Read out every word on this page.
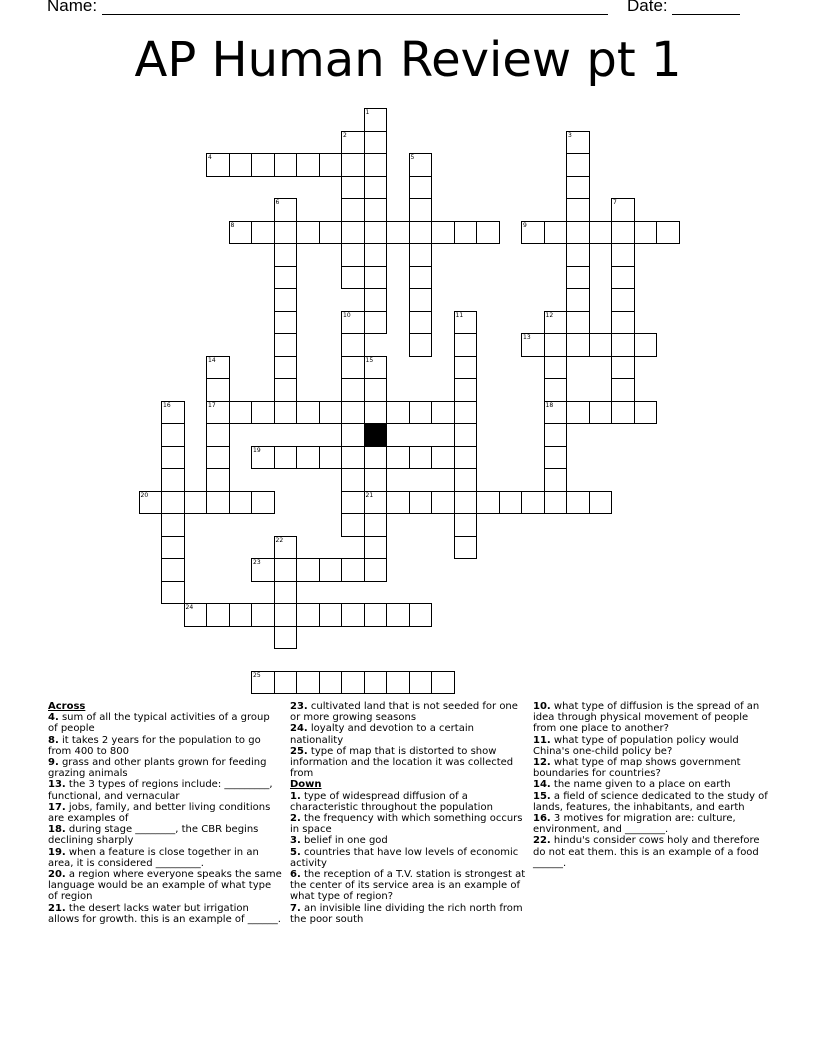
Name:	Date:
AP Human Review pt 1
1
2	3
4	5
6	7
8	9
10	11	12
18
13
14
17
15
21
16
19
20
22
23
24
25
Across
4. sum of all the typical activities of a group of people
8. it takes 2 years for the population to go from 400 to 800
9. grass and other plants grown for feeding grazing animals
13. the 3 types of regions include: _________, functional, and vernacular
17. jobs, family, and better living conditions are examples of
18. during stage ________, the CBR begins declining sharply
19. when a feature is close together in an area, it is considered _________.
20. a region where everyone speaks the same language would be an example of what type of region
21. the desert lacks water but irrigation allows for growth. this is an example of ______.
23. cultivated land that is not seeded for one or more growing seasons
24. loyalty and devotion to a certain nationality
25. type of map that is distorted to show information and the location it was collected from
Down
1. type of widespread diffusion of a characteristic throughout the population
2. the frequency with which something occurs in space
3. belief in one god
5. countries that have low levels of economic activity
6. the reception of a T.V. station is strongest at the center of its service area is an example of what type of region?
7. an invisible line dividing the rich north from the poor south
10. what type of diffusion is the spread of an idea through physical movement of people from one place to another?
11. what type of population policy would China's one-child policy be?
12. what type of map shows government boundaries for countries?
14. the name given to a place on earth
15. a field of science dedicated to the study of lands, features, the inhabitants, and earth
16. 3 motives for migration are: culture, environment, and ________.
22. hindu's consider cows holy and therefore do not eat them. this is an example of a food ______.
